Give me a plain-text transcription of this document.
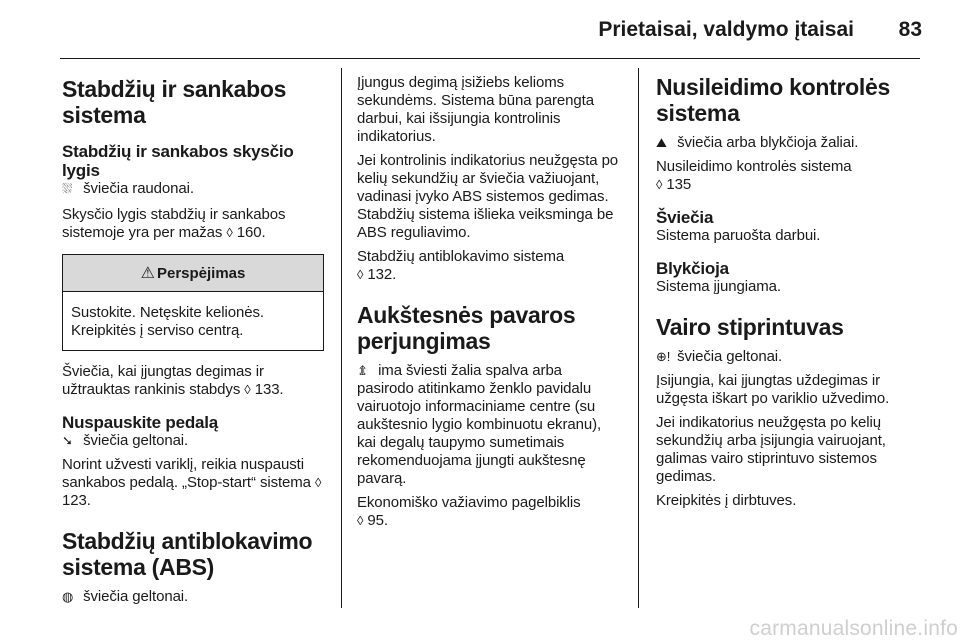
Prietaisai, valdymo įtaisai 83
Stabdžių ir sankabos sistema
Stabdžių ir sankabos skysčio lygis

⛆ šviečia raudonai.

Skysčio lygis stabdžių ir sankabos sistemoje yra per mažas ◊ 160.

⚠ Perspėjimas

Sustokite. Netęskite kelionės. Kreipkitės į serviso centrą.

Šviečia, kai įjungtas degimas ir užtrauktas rankinis stabdys ◊ 133.

Nuspauskite pedalą

➘ šviečia geltonai.

Norint užvesti variklį, reikia nuspausti sankabos pedalą. „Stop-start“ sistema ◊ 123.

Stabdžių antiblokavimo sistema (ABS)

◍ šviečia geltonai.

Įjungus degimą įsižiebs kelioms sekundėms. Sistema būna parengta darbui, kai išsijungia kontrolinis indikatorius.

Jei kontrolinis indikatorius neužgęsta po kelių sekundžių ar šviečia važiuojant, vadinasi įvyko ABS sistemos gedimas. Stabdžių sistema išlieka veiksminga be ABS reguliavimo.

Stabdžių antiblokavimo sistema
◊ 132.

Aukštesnės pavaros perjungimas

⇭ ima šviesti žalia spalva arba pasirodo atitinkamo ženklo pavidalu vairuotojo informaciniame centre (su aukštesnio lygio kombinuotu ekranu), kai degalų taupymo sumetimais rekomenduojama įjungti aukštesnę pavarą.

Ekonomiško važiavimo pagelbiklis
◊ 95.

Nusileidimo kontrolės sistema

⛰ šviečia arba blykčioja žaliai.

Nusileidimo kontrolės sistema
◊ 135

Šviečia

Sistema paruošta darbui.

Blykčioja

Sistema įjungiama.

Vairo stiprintuvas

⊕! šviečia geltonai.

Įsijungia, kai įjungtas uždegimas ir užgęsta iškart po variklio užvedimo.

Jei indikatorius neužgęsta po kelių sekundžių arba įsijungia vairuojant, galimas vairo stiprintuvo sistemos gedimas.

Kreipkitės į dirbtuves.

carmanualsonline.info
